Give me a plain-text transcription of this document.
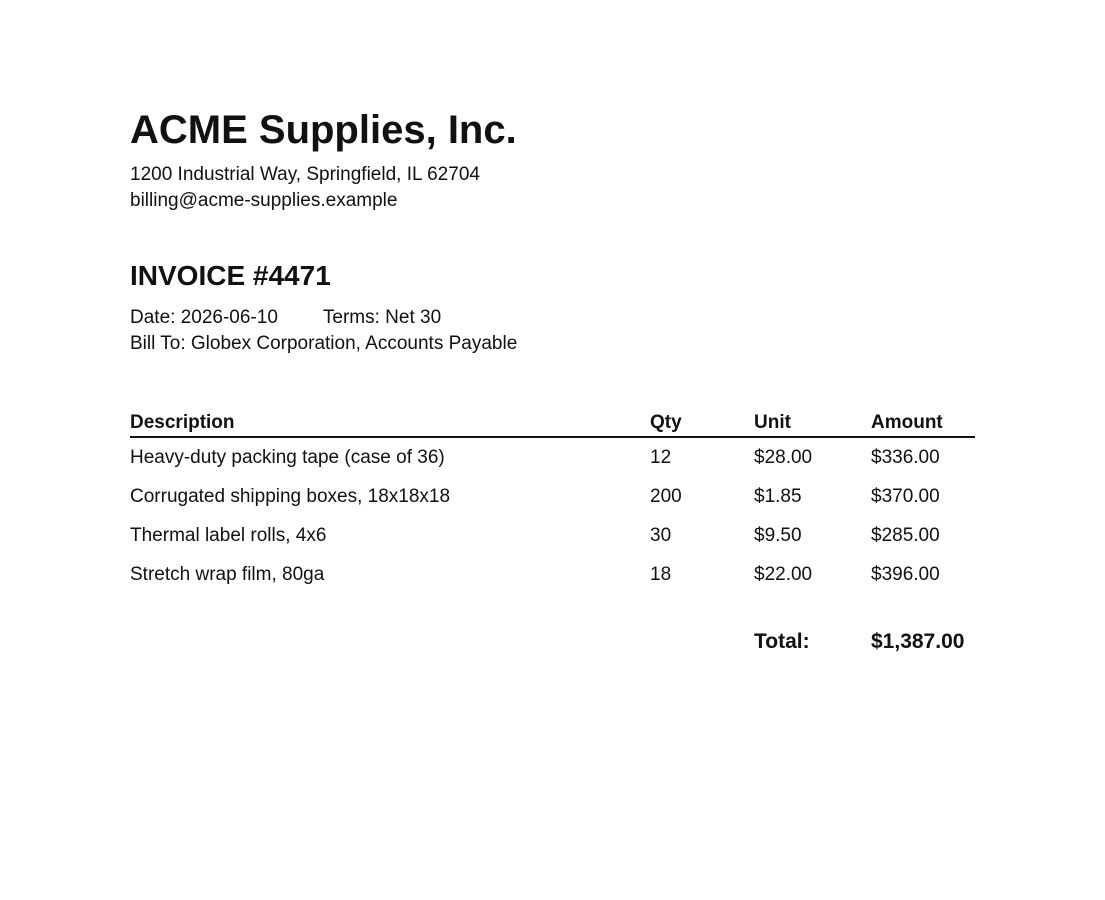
ACME Supplies, Inc.

1200 Industrial Way, Springfield, IL 62704

billing@acme-supplies.example

INVOICE #4471
Date: 2026-06-10 Terms: Net 30
Bill To: Globex Corporation, Accounts Payable
Description	Qty	Unit	Amount
Heavy-duty packing tape (case of 36)	12	$28.00	$336.00
Corrugated shipping boxes, 18x18x18	200	$1.85	$370.00
Thermal label rolls, 4x6	30	$9.50	$285.00
Stretch wrap film, 80ga	18	$22.00	$396.00
Total:	$1,387.00
